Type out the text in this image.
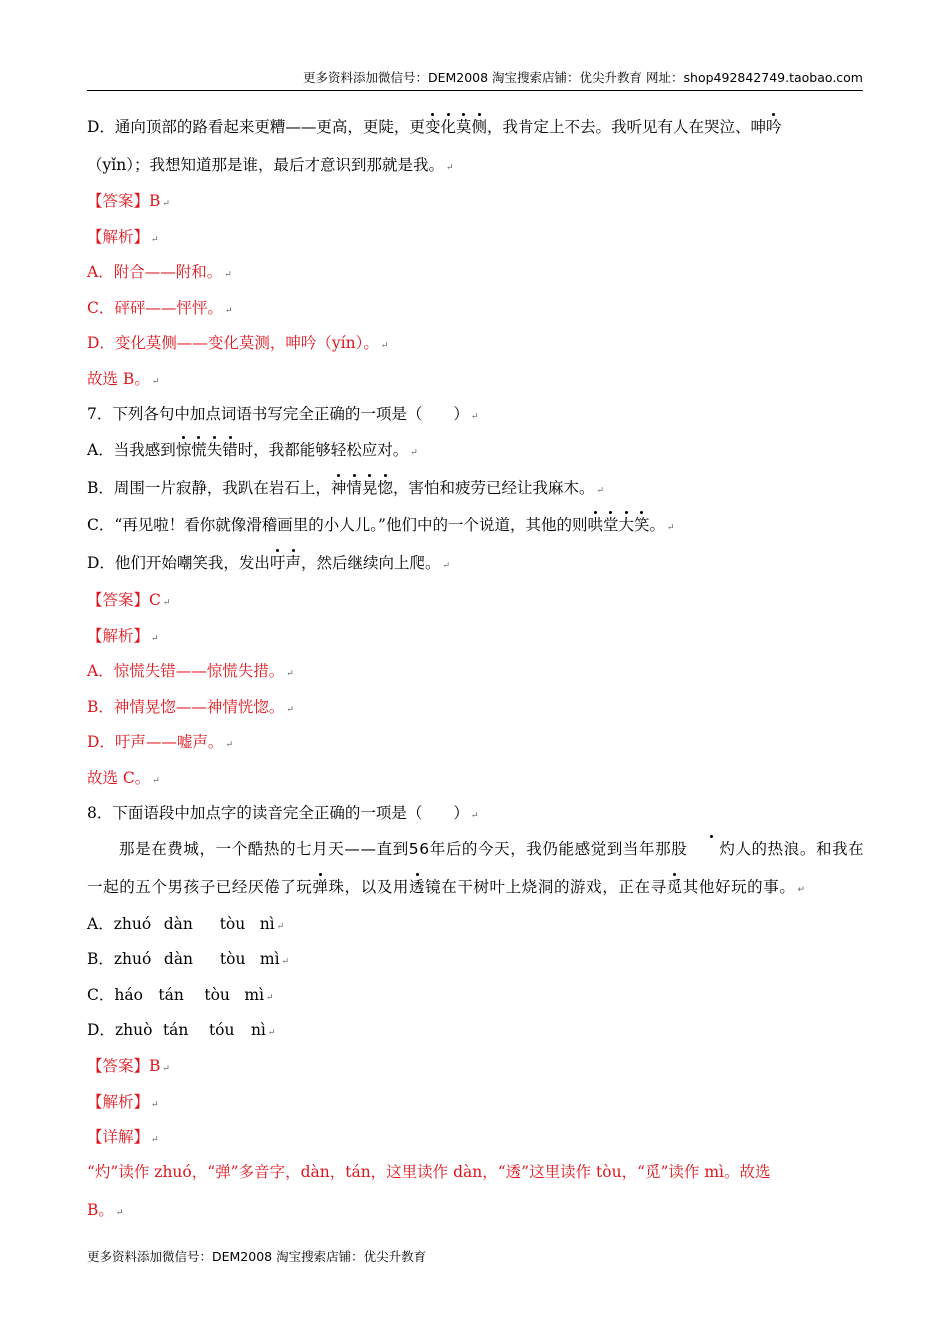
更多资料添加微信号：DEM2008 淘宝搜索店铺：优尖升教育 网址：shop492842749.taobao.com
D．通向顶部的路看起来更糟——更高，更陡，更变化莫侧，我肯定上不去。我听见有人在哭泣、呻吟
（yǐn）；我想知道那是谁，最后才意识到那就是我。 ↵
【答案】B ↵
【解析】 ↵
A．附合——附和。 ↵
C．砰砰——怦怦。 ↵
D．变化莫侧——变化莫测，呻吟（yín）。 ↵
故选 B。 ↵
7．下列各句中加点词语书写完全正确的一项是（　　） ↵
A．当我感到惊慌失错时，我都能够轻松应对。 ↵
B．周围一片寂静，我趴在岩石上，神情晃惚，害怕和疲劳已经让我麻木。 ↵
C．“再见啦！看你就像滑稽画里的小人儿。”他们中的一个说道，其他的则哄堂大笑。 ↵
D．他们开始嘲笑我，发出吁声，然后继续向上爬。 ↵
【答案】C ↵
【解析】 ↵
A．惊慌失错——惊慌失措。 ↵
B．神情晃惚——神情恍惚。 ↵
D．吁声——嘘声。 ↵
故选 C。 ↵
8．下面语段中加点字的读音完全正确的一项是（　　） ↵
那是在费城，一个酷热的七月天——直到56年后的今天，我仍能感觉到当年那股 灼人的热浪。和我在
一起的五个男孩子已经厌倦了玩弹珠，以及用透镜在干树叶上烧洞的游戏，正在寻觅其他好玩的事。 ↵
A．zhuó dàn tòu nì ↵
B．zhuó dàn tòu mì ↵
C．háo tán tòu mì ↵
D．zhuò tán tóu nì ↵
【答案】B ↵
【解析】 ↵
【详解】 ↵
“灼”读作 zhuó，“弹”多音字，dàn，tán，这里读作 dàn，“透”这里读作 tòu，“觅”读作 mì。故选
B。 ↵
更多资料添加微信号：DEM2008 淘宝搜索店铺：优尖升教育
